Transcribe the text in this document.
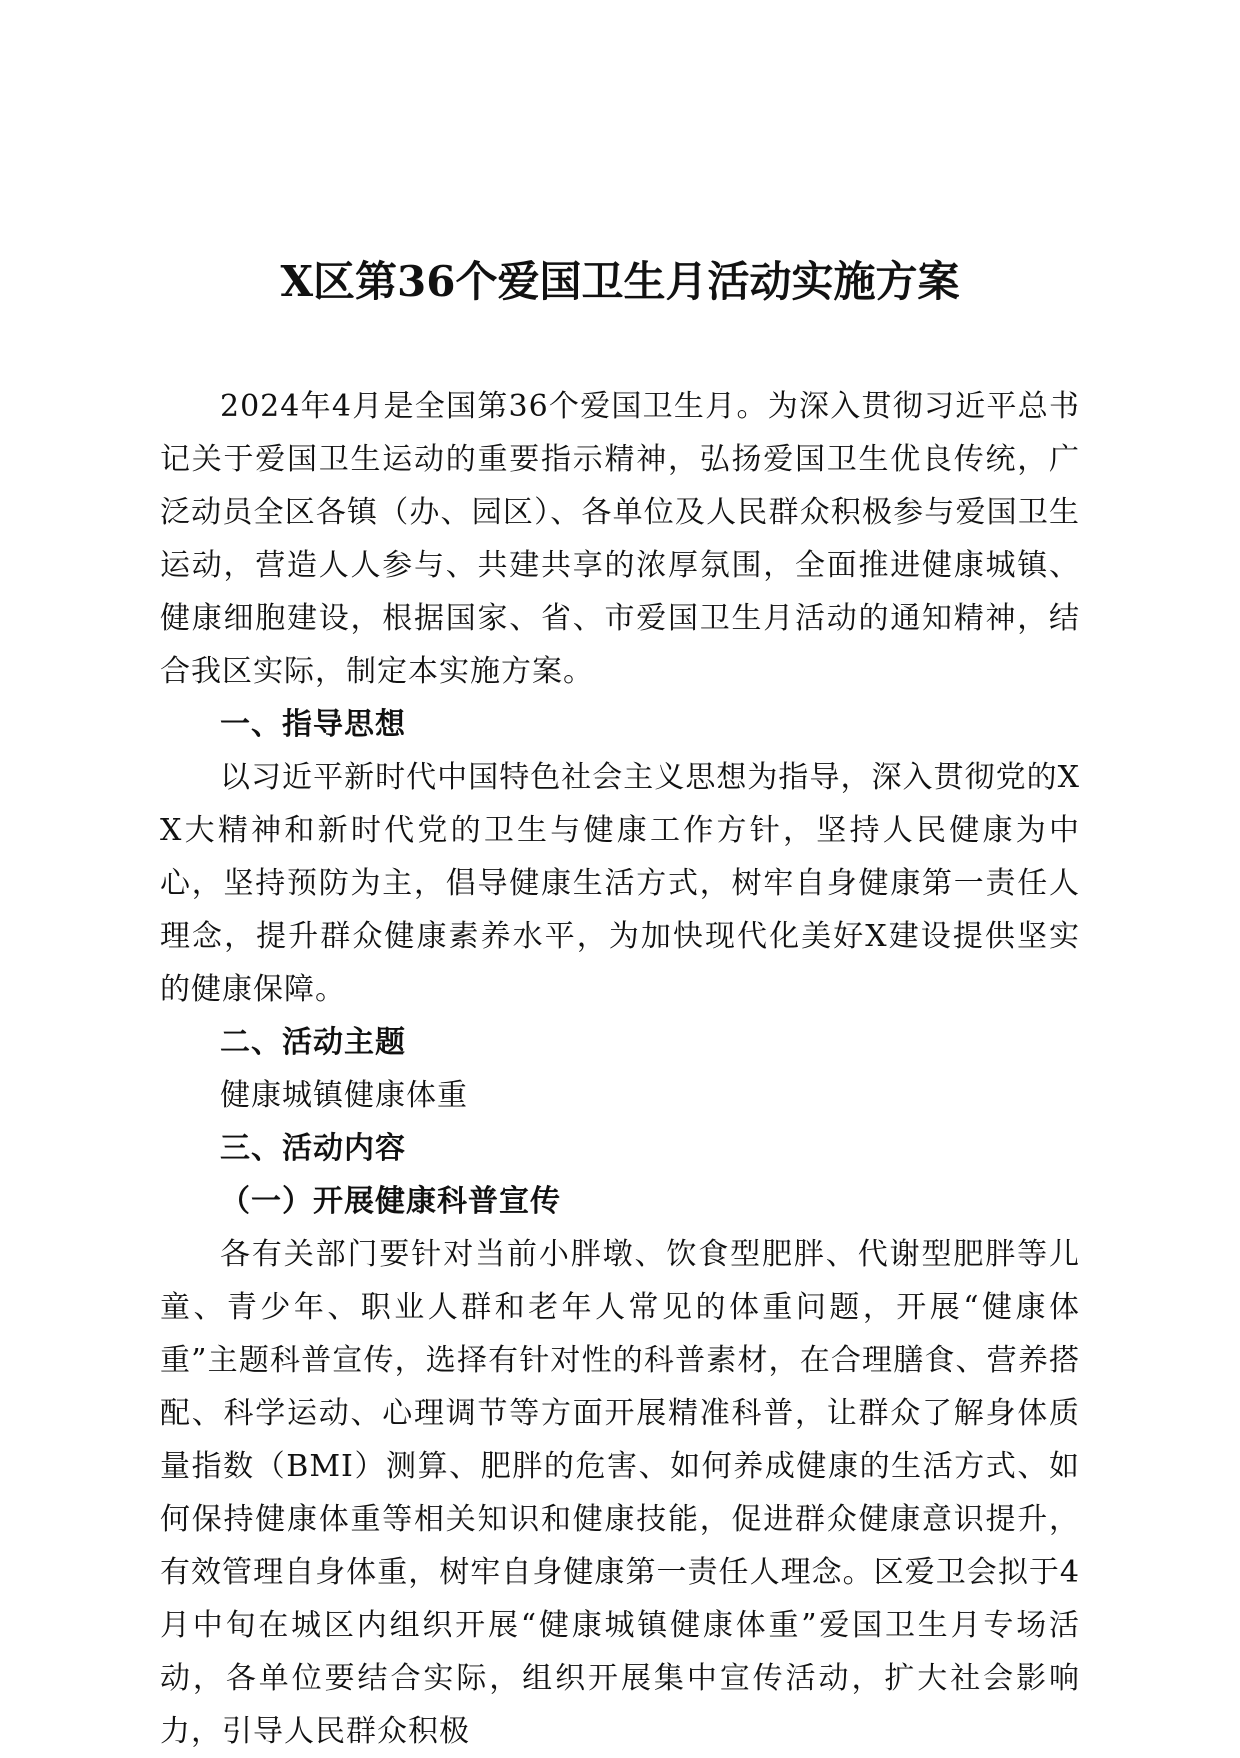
X区第36个爱国卫生月活动实施方案

2024年4月是全国第36个爱国卫生月。为深入贯彻习近平总书记关于爱国卫生运动的重要指示精神，弘扬爱国卫生优良传统，广泛动员全区各镇（办、园区）、各单位及人民群众积极参与爱国卫生运动，营造人人参与、共建共享的浓厚氛围，全面推进健康城镇、健康细胞建设，根据国家、省、市爱国卫生月活动的通知精神，结合我区实际，制定本实施方案。

一、指导思想

以习近平新时代中国特色社会主义思想为指导，深入贯彻党的XX大精神和新时代党的卫生与健康工作方针，坚持人民健康为中心，坚持预防为主，倡导健康生活方式，树牢自身健康第一责任人理念，提升群众健康素养水平，为加快现代化美好X建设提供坚实的健康保障。

二、活动主题

健康城镇健康体重

三、活动内容

（一）开展健康科普宣传

各有关部门要针对当前小胖墩、饮食型肥胖、代谢型肥胖等儿童、青少年、职业人群和老年人常见的体重问题，开展“健康体重”主题科普宣传，选择有针对性的科普素材，在合理膳食、营养搭配、科学运动、心理调节等方面开展精准科普，让群众了解身体质量指数（BMI）测算、肥胖的危害、如何养成健康的生活方式、如何保持健康体重等相关知识和健康技能，促进群众健康意识提升，有效管理自身体重，树牢自身健康第一责任人理念。区爱卫会拟于4月中旬在城区内组织开展“健康城镇健康体重”爱国卫生月专场活动，各单位要结合实际，组织开展集中宣传活动，扩大社会影响力，引导人民群众积极
